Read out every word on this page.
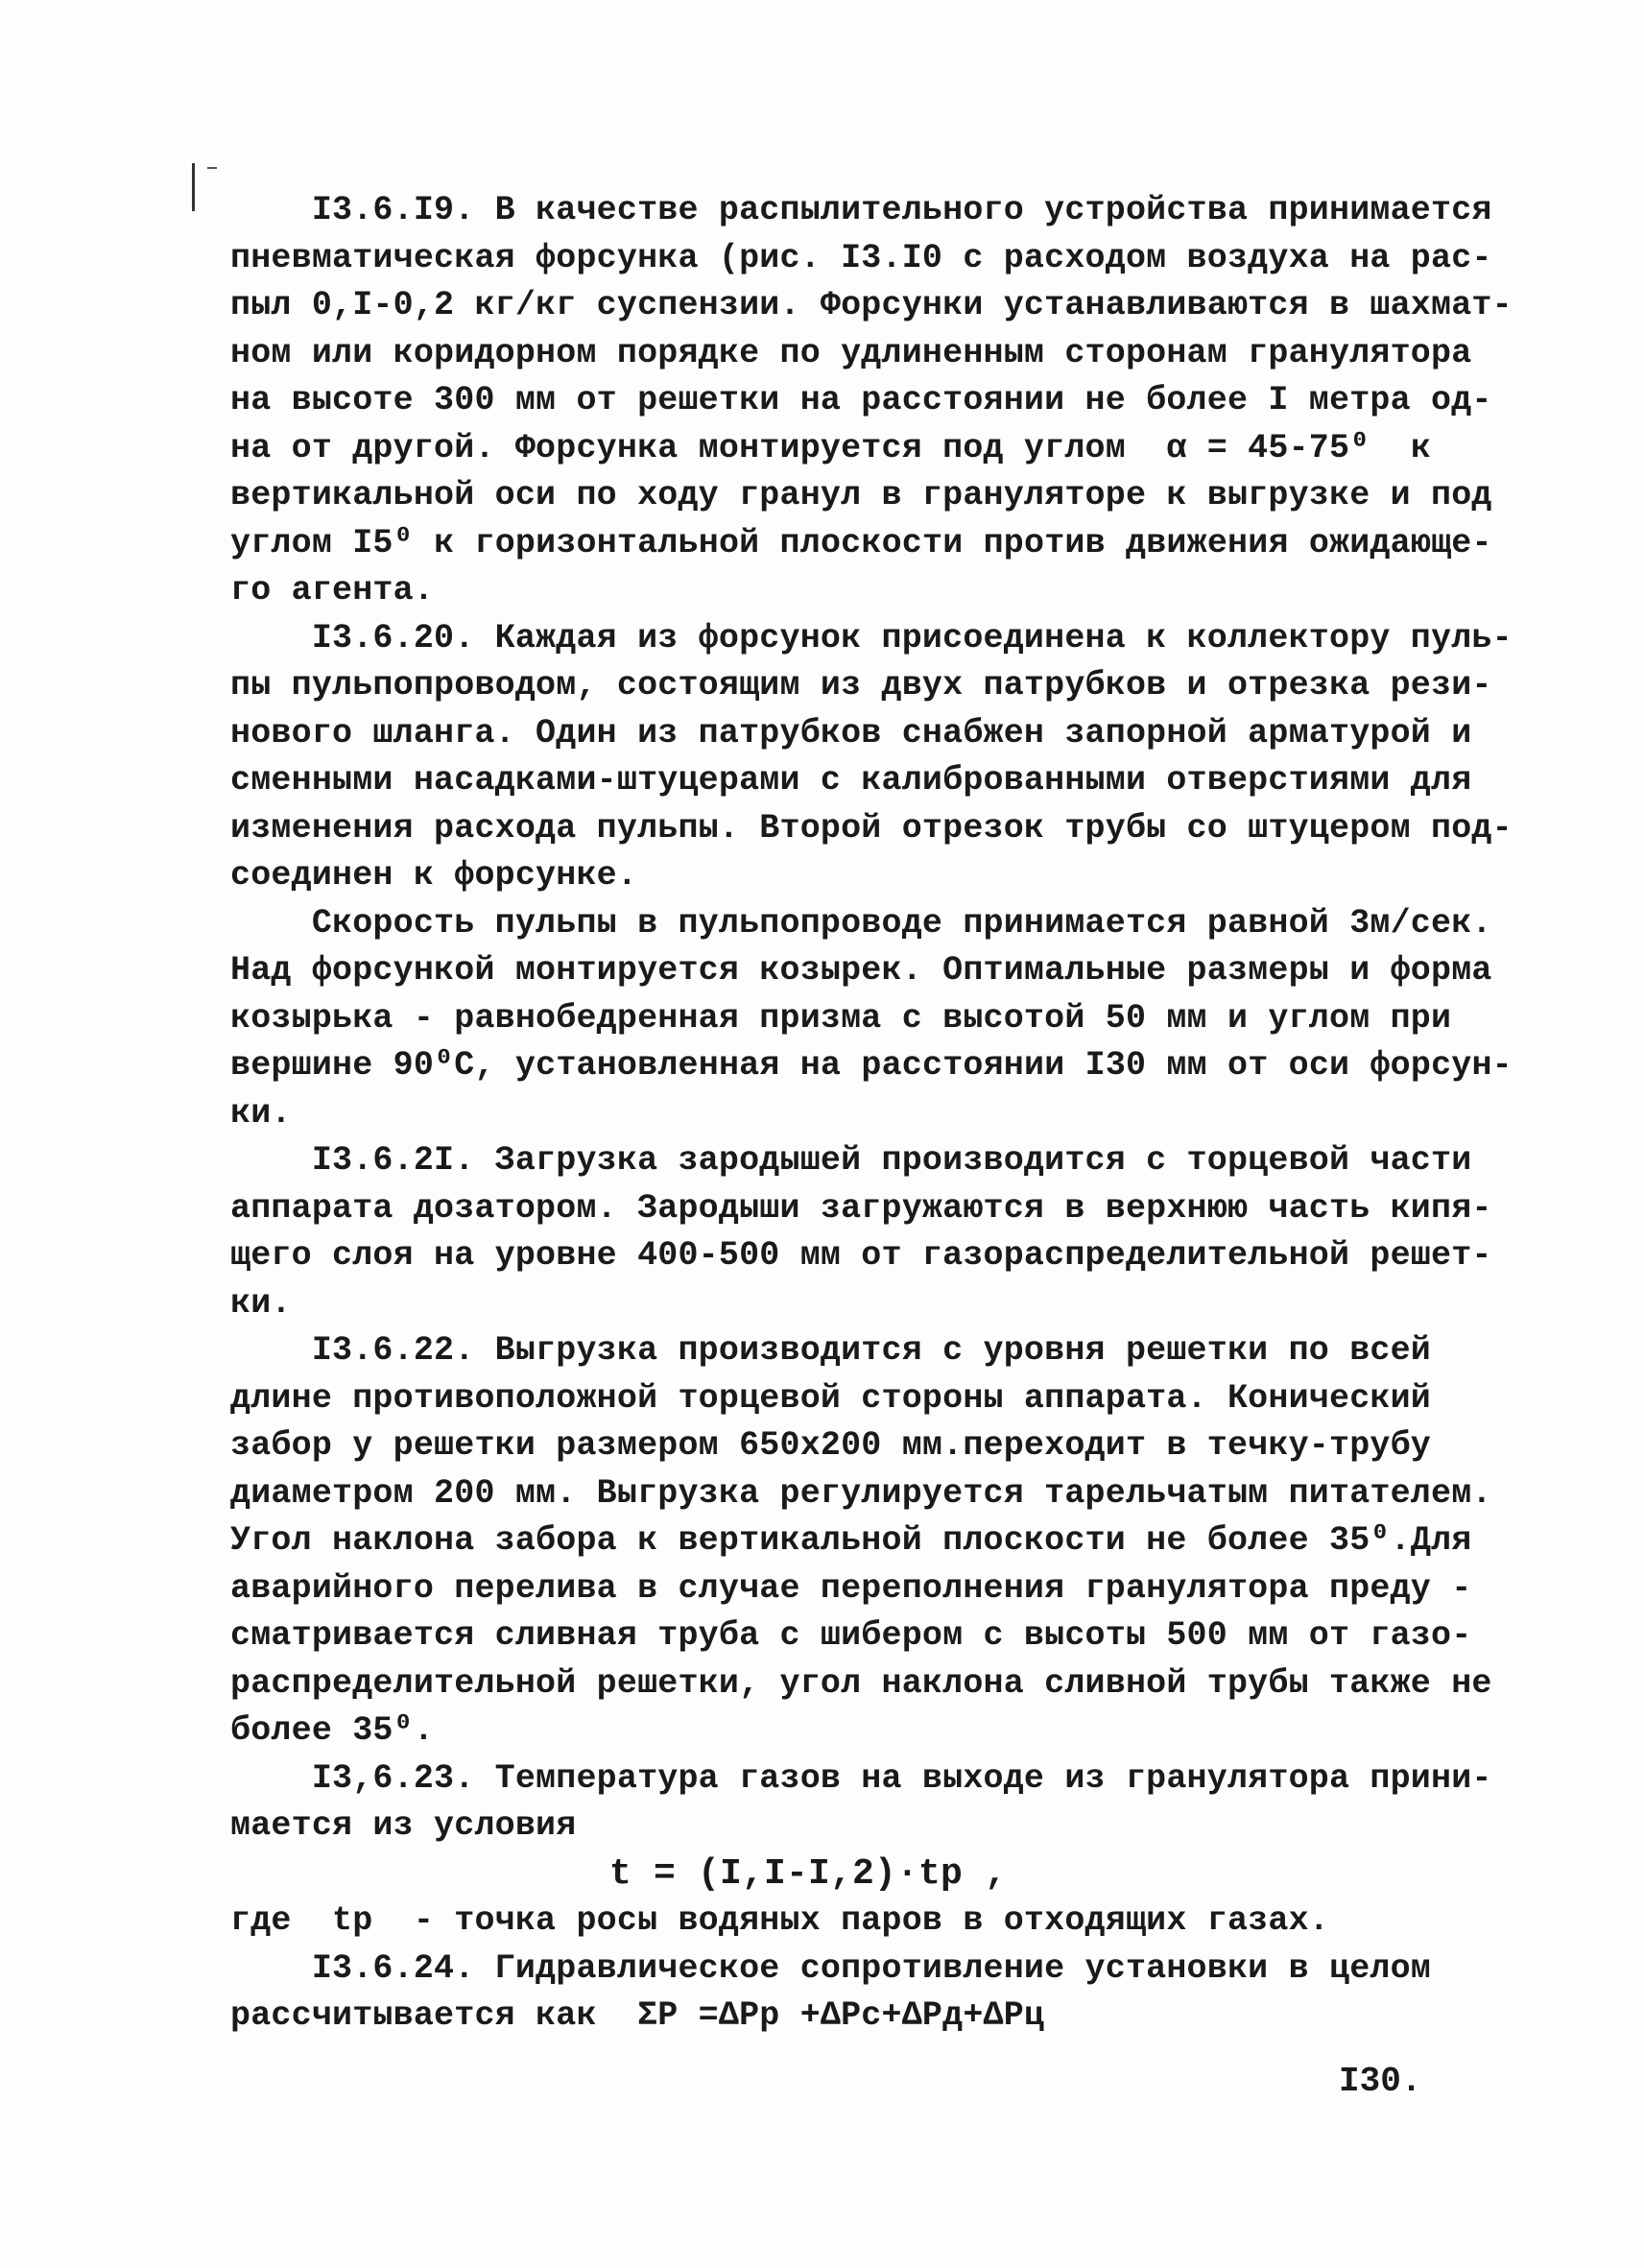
I3.6.I9. В качестве распылительного устройства принимается
пневматическая форсунка (рис. I3.I0 с расходом воздуха на рас-
пыл 0,I-0,2 кг/кг суспензии. Форсунки устанавливаются в шахмат-
ном или коридорном порядке по удлиненным сторонам гранулятора
на высоте 300 мм от решетки на расстоянии не более I метра од-
на от другой. Форсунка монтируется под углом  α = 45-75⁰  к
вертикальной оси по ходу гранул в грануляторе к выгрузке и под
углом I5⁰ к горизонтальной плоскости против движения ожидающе-
го агента.
I3.6.20. Каждая из форсунок присоединена к коллектору пуль-
пы пульпопроводом, состоящим из двух патрубков и отрезка рези-
нового шланга. Один из патрубков снабжен запорной арматурой и
сменными насадками-штуцерами с калиброванными отверстиями для
изменения расхода пульпы. Второй отрезок трубы со штуцером под-
соединен к форсунке.
Скорость пульпы в пульпопроводе принимается равной 3м/сек.
Над форсункой монтируется козырек. Оптимальные размеры и форма
козырька - равнобедренная призма с высотой 50 мм и углом при
вершине 90⁰С, установленная на расстоянии I30 мм от оси форсун-
ки.
I3.6.2I. Загрузка зародышей производится с торцевой части
аппарата дозатором. Зародыши загружаются в верхнюю часть кипя-
щего слоя на уровне 400-500 мм от газораспределительной решет-
ки.
I3.6.22. Выгрузка производится с уровня решетки по всей
длине противоположной торцевой стороны аппарата. Конический
забор у решетки размером 650х200 мм.переходит в течку-трубу
диаметром 200 мм. Выгрузка регулируется тарельчатым питателем.
Угол наклона забора к вертикальной плоскости не более 35⁰.Для
аварийного перелива в случае переполнения гранулятора преду -
сматривается сливная труба с шибером с высоты 500 мм от газо-
распределительной решетки, угол наклона сливной трубы также не
более 35⁰.
I3,6.23. Температура газов на выходе из гранулятора прини-
мается из условия
t = (I,I-I,2)·tр ,
где  tр  - точка росы водяных паров в отходящих газах.
I3.6.24. Гидравлическое сопротивление установки в целом
рассчитывается как  ΣP =ΔPр +ΔPс+ΔPд+ΔPц
I30.
